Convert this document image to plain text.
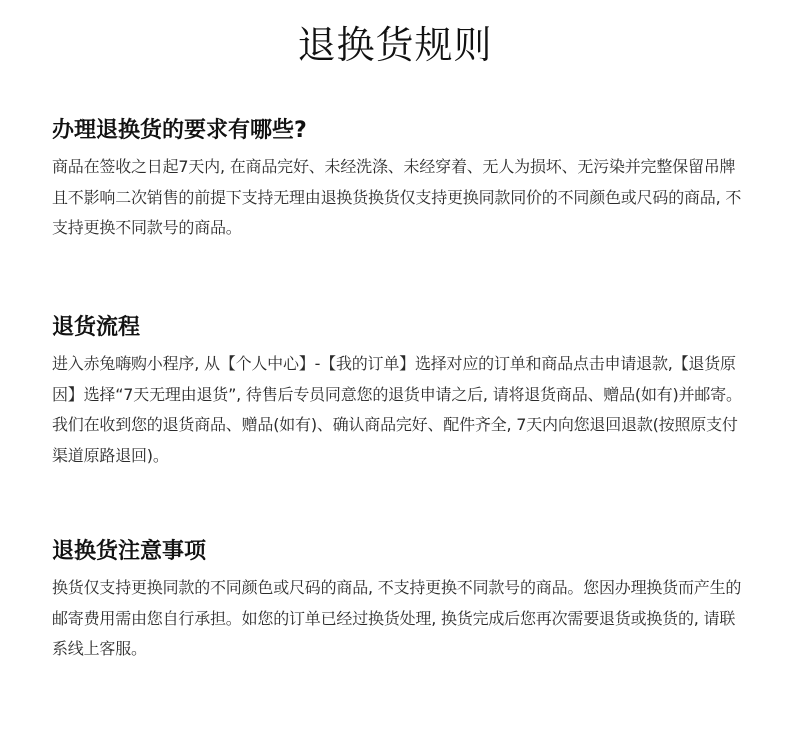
退换货规则
办理退换货的要求有哪些?

商品在签收之日起7天内, 在商品完好、未经洗涤、未经穿着、无人为损坏、无污染并完整保留吊牌且不影响二次销售的前提下支持无理由退换货换货仅支持更换同款同价的不同颜色或尺码的商品, 不支持更换不同款号的商品。

退货流程

进入赤兔嗨购小程序, 从【个人中心】-【我的订单】选择对应的订单和商品点击申请退款,【退货原因】选择“7天无理由退货”, 待售后专员同意您的退货申请之后, 请将退货商品、赠品(如有)并邮寄。我们在收到您的退货商品、赠品(如有)、确认商品完好、配件齐全, 7天内向您退回退款(按照原支付渠道原路退回)。

退换货注意事项

换货仅支持更换同款的不同颜色或尺码的商品, 不支持更换不同款号的商品。您因办理换货而产生的邮寄费用需由您自行承担。如您的订单已经过换货处理, 换货完成后您再次需要退货或换货的, 请联系线上客服。
